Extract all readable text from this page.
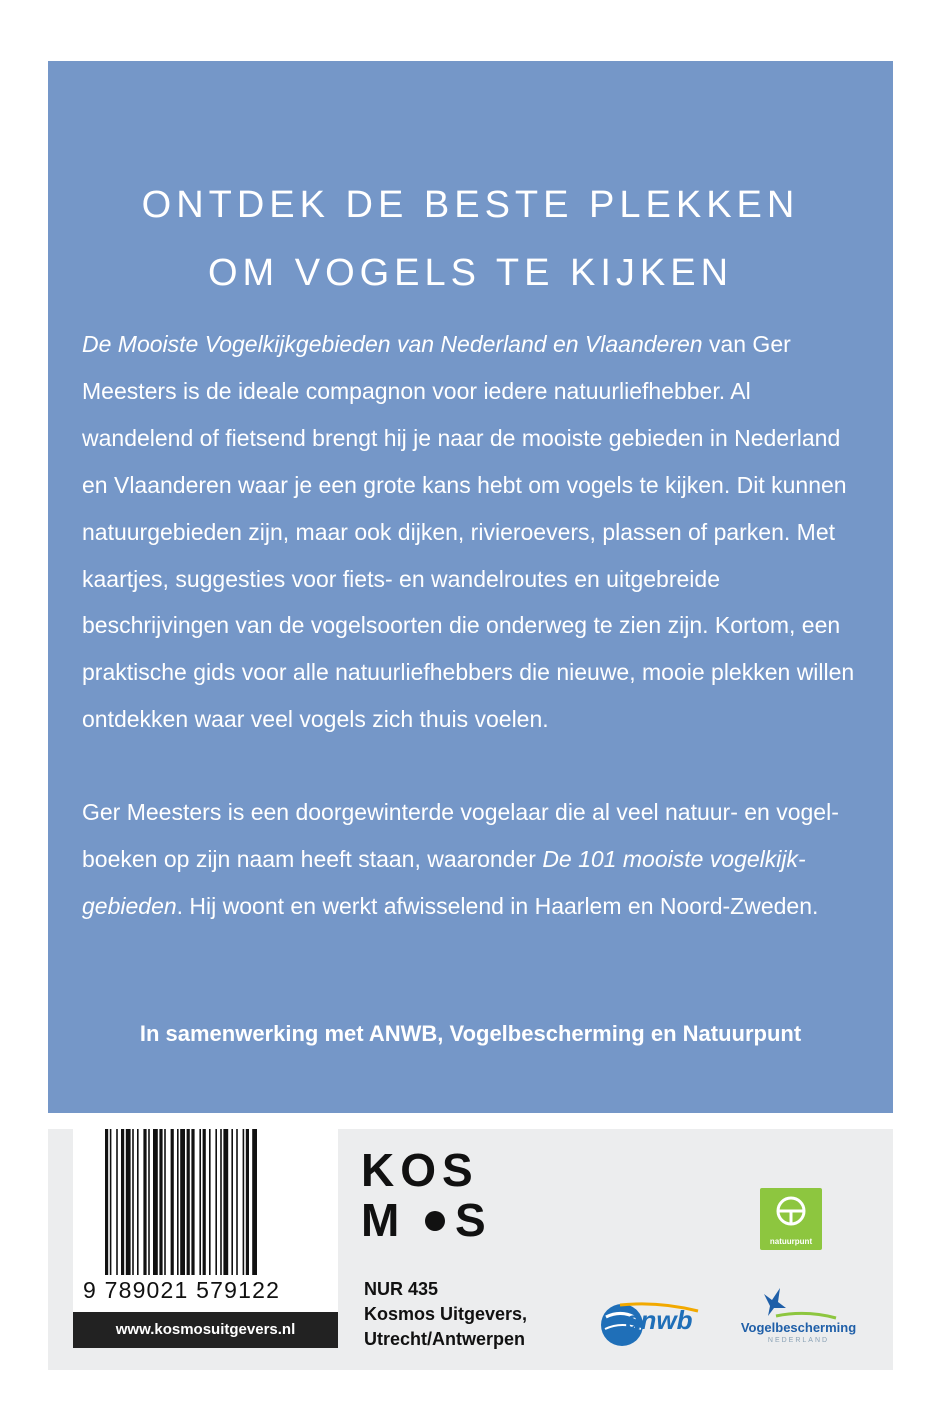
ONTDEK DE BESTE PLEKKEN
OM VOGELS TE KIJKEN

De Mooiste Vogelkijkgebieden van Nederland en Vlaanderen van Ger Meesters is de ideale compagnon voor iedere natuurliefhebber. Al wandelend of fietsend brengt hij je naar de mooiste gebieden in Nederland en Vlaanderen waar je een grote kans hebt om vogels te kijken. Dit kunnen natuurgebieden zijn, maar ook dijken, rivieroevers, plassen of parken. Met kaartjes, suggesties voor fiets- en wandelroutes en uitgebreide beschrijvingen van de vogelsoorten die onderweg te zien zijn. Kortom, een praktische gids voor alle natuurliefhebbers die nieuwe, mooie plekken willen ontdekken waar veel vogels zich thuis voelen.

Ger Meesters is een doorgewinterde vogelaar die al veel natuur- en vogelboeken op zijn naam heeft staan, waaronder De 101 mooiste vogelkijkgebieden. Hij woont en werkt afwisselend in Haarlem en Noord-Zweden.

In samenwerking met ANWB, Vogelbescherming en Natuurpunt
9 789021 579122
www.kosmosuitgevers.nl
KOS
M S
NUR 435
Kosmos Uitgevers,
Utrecht/Antwerpen
natuurpunt
anwb	Vogelbescherming
NEDERLAND
